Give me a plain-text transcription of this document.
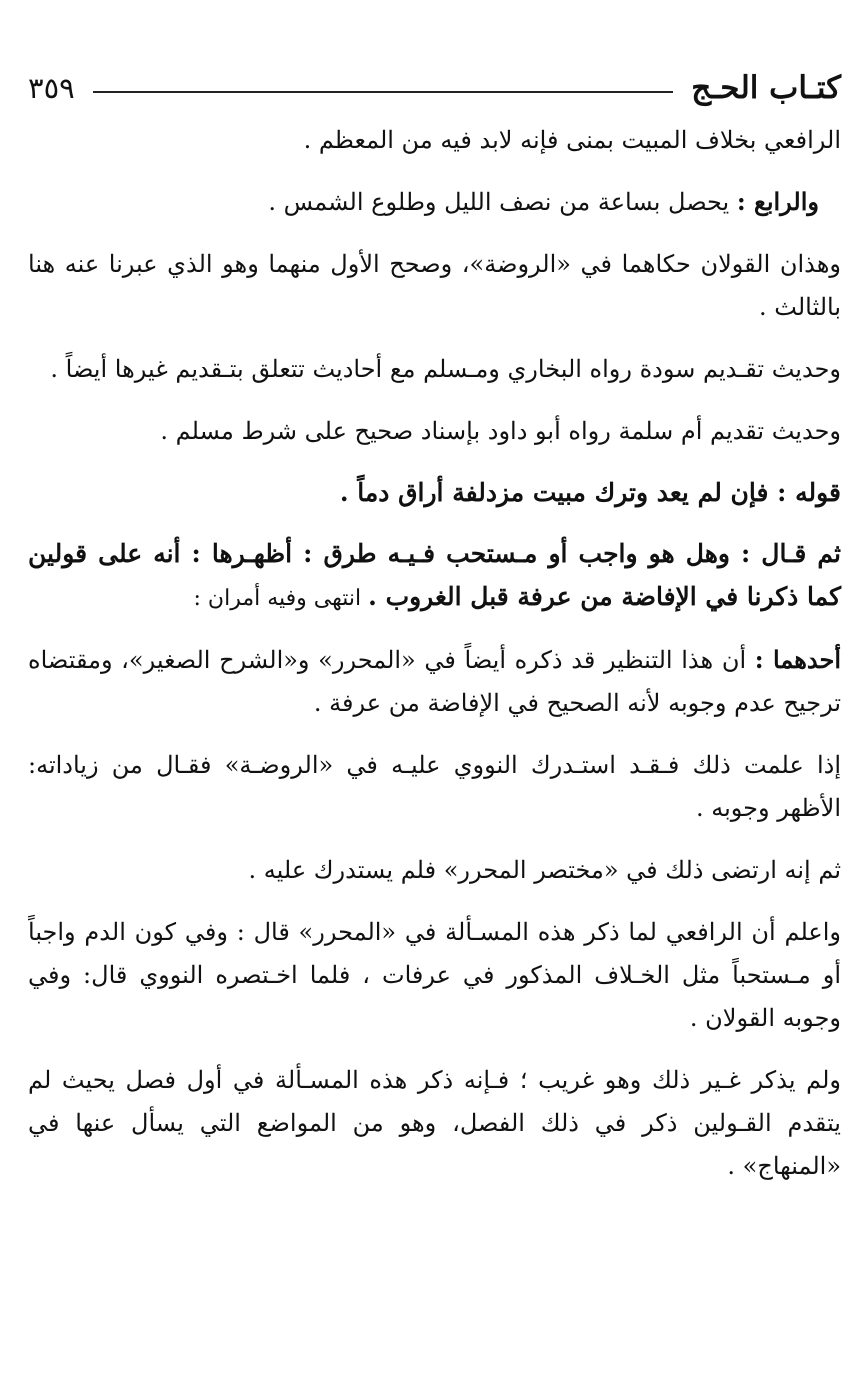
كتـاب الحـج
٣٥٩

الرافعي بخلاف المبيت بمنى فإنه لابد فيه من المعظم .

والرابع : يحصل بساعة من نصف الليل وطلوع الشمس .

وهذان القولان حكاهما في «الروضة»، وصحح الأول منهما وهو الذي عبرنا عنه هنا بالثالث .

وحديث تقـديم سودة رواه البخاري ومـسلم مع أحاديث تتعلق بتـقديم غيرها أيضاً .

وحديث تقديم أم سلمة رواه أبو داود بإسناد صحيح على شرط مسلم .

قوله : فإن لم يعد وترك مبيت مزدلفة أراق دماً .

ثم قـال : وهل هو واجب أو مـستحب فـيـه طرق : أظهـرها : أنه على قولين كما ذكرنا في الإفاضة من عرفة قبل الغروب . انتهى وفيه أمران :

أحدهما : أن هذا التنظير قد ذكره أيضاً في «المحرر» و«الشرح الصغير»، ومقتضاه ترجيح عدم وجوبه لأنه الصحيح في الإفاضة من عرفة .

إذا علمت ذلك فـقـد استـدرك النووي عليـه في «الروضـة» فقـال من زياداته: الأظهر وجوبه .

ثم إنه ارتضى ذلك في «مختصر المحرر» فلم يستدرك عليه .

واعلم أن الرافعي لما ذكر هذه المسـألة في «المحرر» قال : وفي كون الدم واجباً أو مـستحباً مثل الخـلاف المذكور في عرفات ، فلما اخـتصره النووي قال: وفي وجوبه القولان .

ولم يذكر غـير ذلك وهو غريب ؛ فـإنه ذكر هذه المسـألة في أول فصل يحيث لم يتقدم القـولين ذكر في ذلك الفصل، وهو من المواضع التي يسأل عنها في «المنهاج» .
